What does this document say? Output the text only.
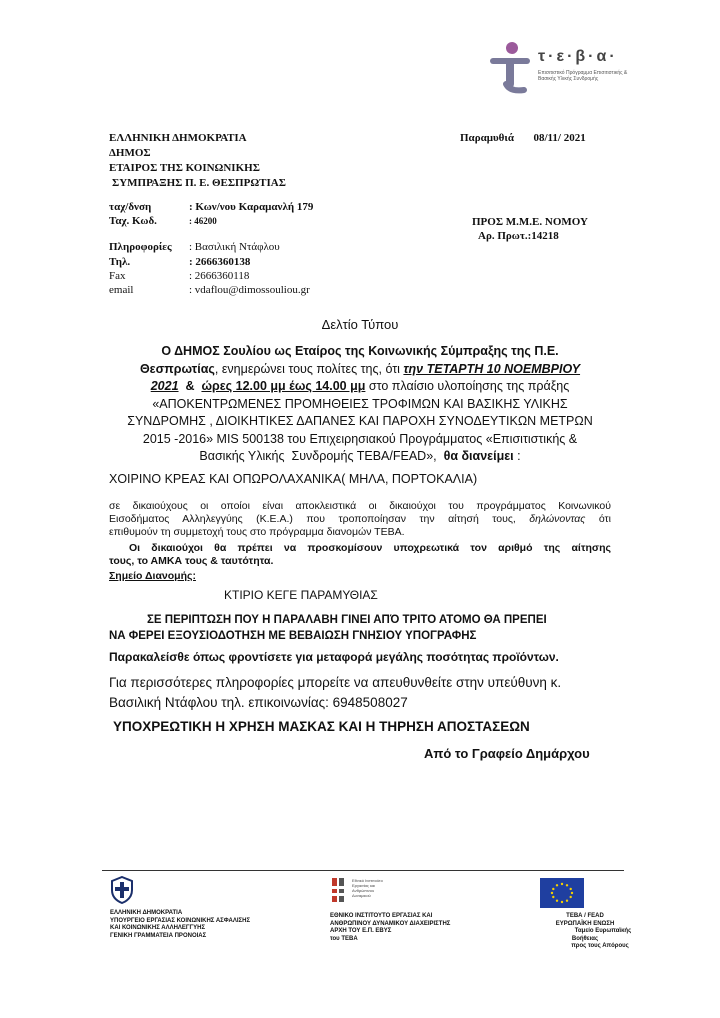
τ·ε·β·α·
Επισιτιστικό Πρόγραμμα Επισιτιστικής & Βασικής Υλικής Συνδρομής
ΕΛΛΗΝΙΚΗ ΔΗΜΟΚΡΑΤΙΑ
ΔΗΜΟΣ
ΕΤΑΙΡΟΣ ΤΗΣ ΚΟΙΝΩΝΙΚΗΣ
ΣΥΜΠΡΑΞΗΣ Π. Ε. ΘΕΣΠΡΩΤΙΑΣ
Παραμυθιά 08/11/ 2021
ταχ/δνση	: Κων/νου Καραμανλή 179
Ταχ. Κωδ.	: 46200	ΠΡΟΣ Μ.Μ.Ε. ΝΟΜΟΥ
Αρ. Πρωτ.:14218
Πληροφορίες : Βασιλική Ντάφλου
Τηλ.	: 2666360138
Fax	: 2666360118
email	: vdaflou@dimossouliou.gr
Δελτίο Τύπου
Ο ΔΗΜΟΣ Σουλίου ως Εταίρος της Κοινωνικής Σύμπραξης της Π.Ε.
Θεσπρωτίας, ενημερώνει τους πολίτες της, ότι την ΤΕΤΑΡΤΗ 10 ΝΟΕΜΒΡΙΟΥ
2021  &  ώρες 12.00 μμ έως 14.00 μμ στο πλαίσιο υλοποίησης της πράξης
«ΑΠΟΚΕΝΤΡΩΜΕΝΕΣ ΠΡΟΜΗΘΕΙΕΣ ΤΡΟΦΙΜΩΝ ΚΑΙ ΒΑΣΙΚΗΣ ΥΛΙΚΗΣ
ΣΥΝΔΡΟΜΗΣ , ΔΙΟΙΚΗΤΙΚΕΣ ΔΑΠΑΝΕΣ ΚΑΙ ΠΑΡΟΧΗ ΣΥΝΟΔΕΥΤΙΚΩΝ ΜΕΤΡΩΝ
2015 -2016» MIS 500138 του Επιχειρησιακού Προγράμματος «Επισιτιστικής &
Βασικής Υλικής  Συνδρομής ΤΕΒΑ/FEAD»,  θα διανείμει :
ΧΟΙΡΙΝΟ ΚΡΕΑΣ ΚΑΙ ΟΠΩΡΟΛΑΧΑΝΙΚΑ( ΜΗΛΑ, ΠΟΡΤΟΚΑΛΙΑ)
σε δικαιούχους οι οποίοι είναι αποκλειστικά οι δικαιούχοι του προγράμματος Κοινωνικού
Εισοδήματος Αλληλεγγύης (Κ.Ε.Α.) που τροποποίησαν την αίτησή τους, δηλώνοντας ότι
επιθυμούν τη συμμετοχή τους στο πρόγραμμα διανομών ΤΕΒΑ.
Οι δικαιούχοι θα πρέπει να προσκομίσουν υποχρεωτικά τον αριθμό της αίτησης
τους, το ΑΜΚΑ τους & ταυτότητα.
Σημείο Διανομής:
ΚΤΙΡΙΟ ΚΕΓΕ ΠΑΡΑΜΥΘΙΑΣ
ΣΕ ΠΕΡΙΠΤΩΣΗ ΠΟΥ Η ΠΑΡΑΛΑΒΗ ΓΙΝΕΙ ΑΠΌ ΤΡΙΤΟ ΑΤΟΜΟ ΘΑ ΠΡΕΠΕΙ
ΝΑ ΦΕΡΕΙ ΕΞΟΥΣΙΟΔΟΤΗΣΗ ΜΕ ΒΕΒΑΙΩΣΗ ΓΝΗΣΙΟΥ ΥΠΟΓΡΑΦΗΣ
Παρακαλείσθε όπως φροντίσετε για μεταφορά μεγάλης ποσότητας προϊόντων.
Για περισσότερες πληροφορίες μπορείτε να απευθυνθείτε στην υπεύθυνη κ.
Βασιλική Ντάφλου τηλ. επικοινωνίας: 6948508027
ΥΠΟΧΡΕΩΤΙΚΗ Η ΧΡΗΣΗ ΜΑΣΚΑΣ ΚΑΙ Η ΤΗΡΗΣΗ ΑΠΟΣΤΑΣΕΩΝ
Από το Γραφείο Δημάρχου
ΕΛΛΗΝΙΚΗ ΔΗΜΟΚΡΑΤΙΑ
ΥΠΟΥΡΓΕΙΟ ΕΡΓΑΣΙΑΣ ΚΟΙΝΩΝΙΚΗΣ ΑΣΦΑΛΙΣΗΣ
ΚΑΙ ΚΟΙΝΩΝΙΚΗΣ ΑΛΛΗΛΕΓΓΥΗΣ
ΓΕΝΙΚΗ ΓΡΑΜΜΑΤΕΙΑ ΠΡΟΝΟΙΑΣ
Εθνικό Ινστιτούτο Εργασίας και Ανθρώπινου Δυναμικού
ΕΘΝΙΚΟ ΙΝΣΤΙΤΟΥΤΟ ΕΡΓΑΣΙΑΣ ΚΑΙ
ΑΝΘΡΩΠΙΝΟΥ ΔΥΝΑΜΙΚΟΥ ΔΙΑΧΕΙΡΙΣΤΗΣ
ΑΡΧΗ ΤΟΥ Ε.Π. ΕΒΥΣ
του ΤΕΒΑ
ΤΕΒΑ / FEAD
ΕΥΡΩΠΑΪΚΗ ΕΝΩΣΗ
Ταμείο Ευρωπαϊκής
Βοήθειας
προς τους Απόρους
